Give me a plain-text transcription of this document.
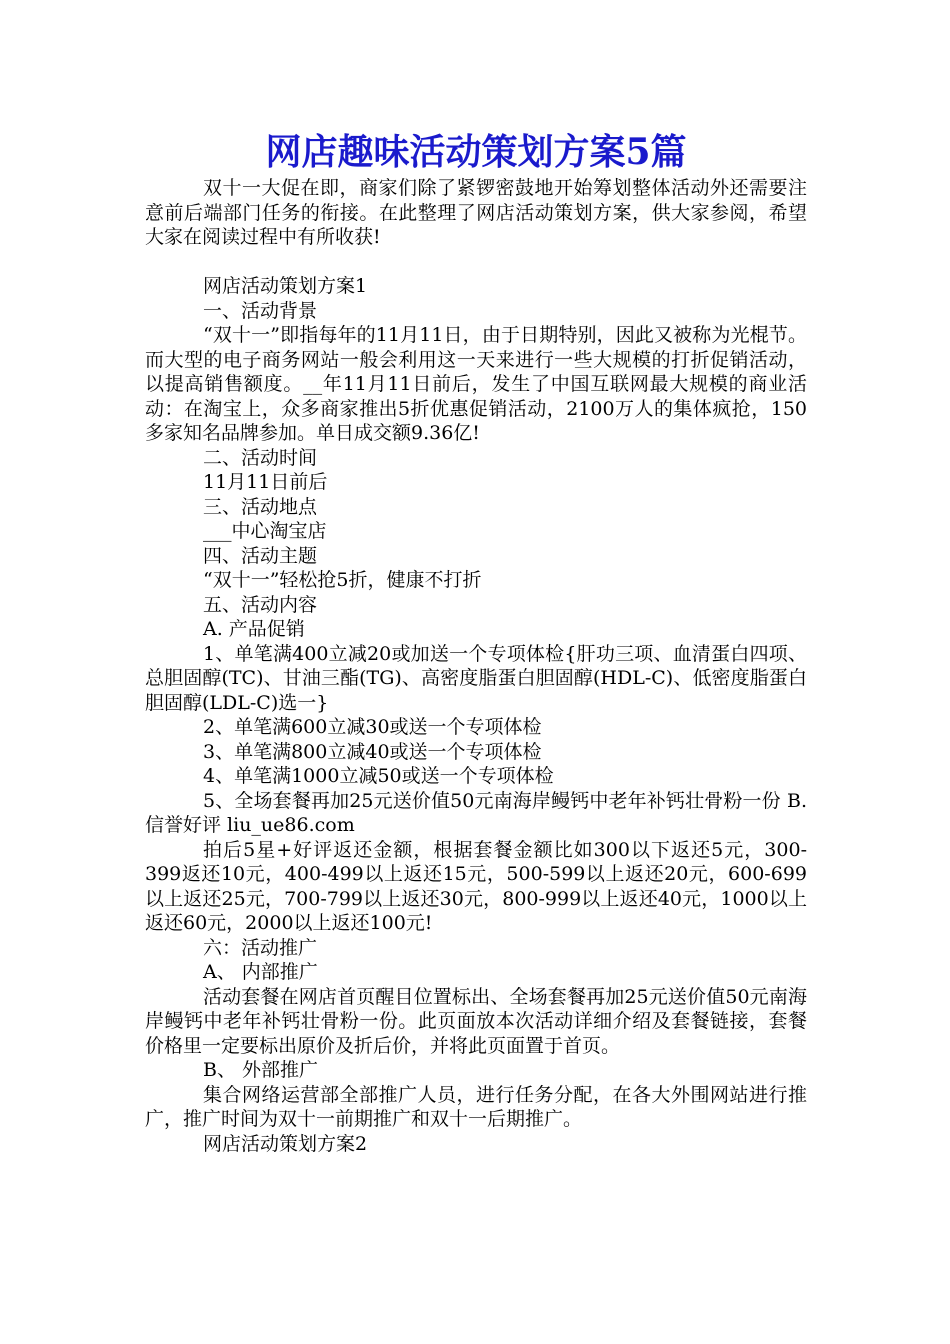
网店趣味活动策划方案5篇

双十一大促在即，商家们除了紧锣密鼓地开始筹划整体活动外还需要注意前后端部门任务的衔接。在此整理了网店活动策划方案，供大家参阅，希望大家在阅读过程中有所收获!

网店活动策划方案1

一、活动背景

“双十一”即指每年的11月11日，由于日期特别，因此又被称为光棍节。而大型的电子商务网站一般会利用这一天来进行一些大规模的打折促销活动，以提高销售额度。__年11月11日前后，发生了中国互联网最大规模的商业活动：在淘宝上，众多商家推出5折优惠促销活动，2100万人的集体疯抢，150多家知名品牌参加。单日成交额9.36亿!

二、活动时间

11月11日前后

三、活动地点

___中心淘宝店

四、活动主题

“双十一”轻松抢5折，健康不打折

五、活动内容

A. 产品促销

1、单笔满400立减20或加送一个专项体检{肝功三项、血清蛋白四项、总胆固醇(TC)、甘油三酯(TG)、高密度脂蛋白胆固醇(HDL-C)、低密度脂蛋白胆固醇(LDL-C)选一}

2、单笔满600立减30或送一个专项体检

3、单笔满800立减40或送一个专项体检

4、单笔满1000立减50或送一个专项体检

5、全场套餐再加25元送价值50元南海岸鳗钙中老年补钙壮骨粉一份 B. 信誉好评 liu_ue86.com

拍后5星+好评返还金额，根据套餐金额比如300以下返还5元，300-399返还10元，400-499以上返还15元，500-599以上返还20元，600-699以上返还25元，700-799以上返还30元，800-999以上返还40元，1000以上返还60元，2000以上返还100元!

六：活动推广

A、 内部推广

活动套餐在网店首页醒目位置标出、全场套餐再加25元送价值50元南海岸鳗钙中老年补钙壮骨粉一份。此页面放本次活动详细介绍及套餐链接，套餐价格里一定要标出原价及折后价，并将此页面置于首页。

B、 外部推广

集合网络运营部全部推广人员，进行任务分配，在各大外围网站进行推广，推广时间为双十一前期推广和双十一后期推广。

网店活动策划方案2
